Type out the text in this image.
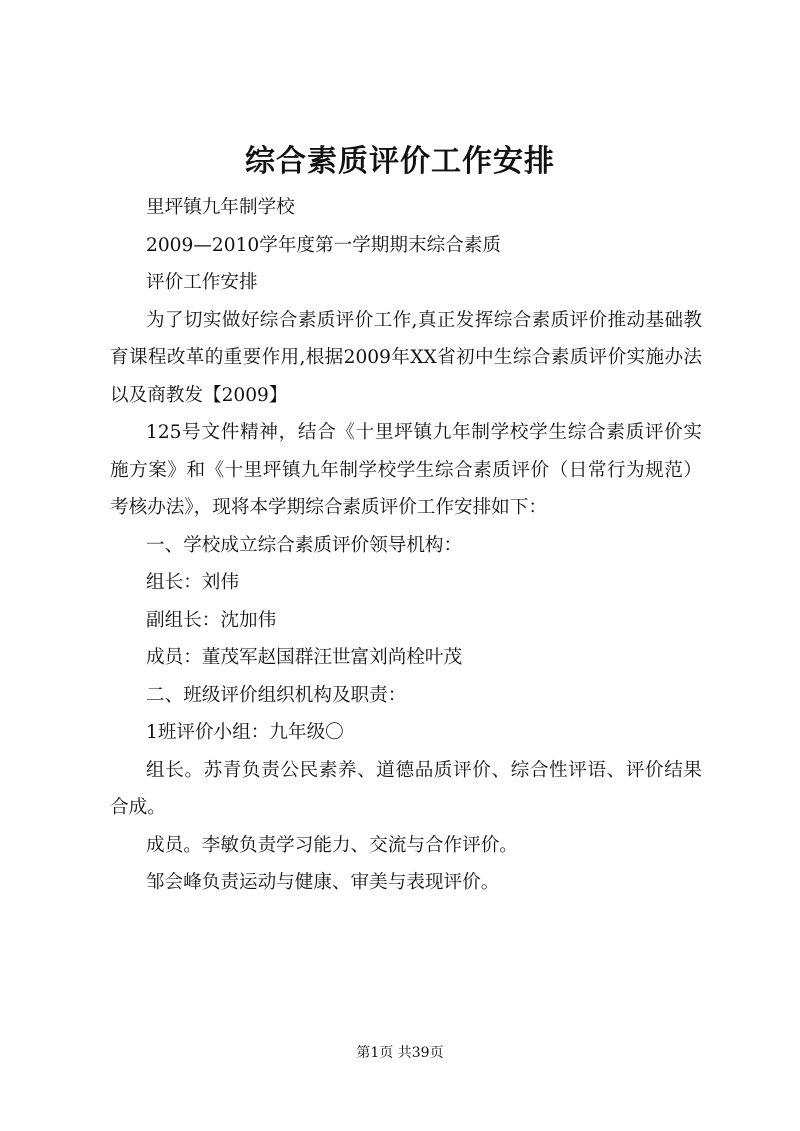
综合素质评价工作安排
里坪镇九年制学校
2009—2010学年度第一学期期末综合素质
评价工作安排
为了切实做好综合素质评价工作,真正发挥综合素质评价推动基础教育课程改革的重要作用,根据2009年XX省初中生综合素质评价实施办法以及商教发【2009】
125号文件精神，结合《十里坪镇九年制学校学生综合素质评价实施方案》和《十里坪镇九年制学校学生综合素质评价（日常行为规范）考核办法》，现将本学期综合素质评价工作安排如下：
一、学校成立综合素质评价领导机构：
组长：刘伟
副组长：沈加伟
成员：董茂军赵国群汪世富刘尚栓叶茂
二、班级评价组织机构及职责：
1班评价小组：九年级〇
组长。苏青负责公民素养、道德品质评价、综合性评语、评价结果合成。
成员。李敏负责学习能力、交流与合作评价。
邹会峰负责运动与健康、审美与表现评价。
第1页 共39页
